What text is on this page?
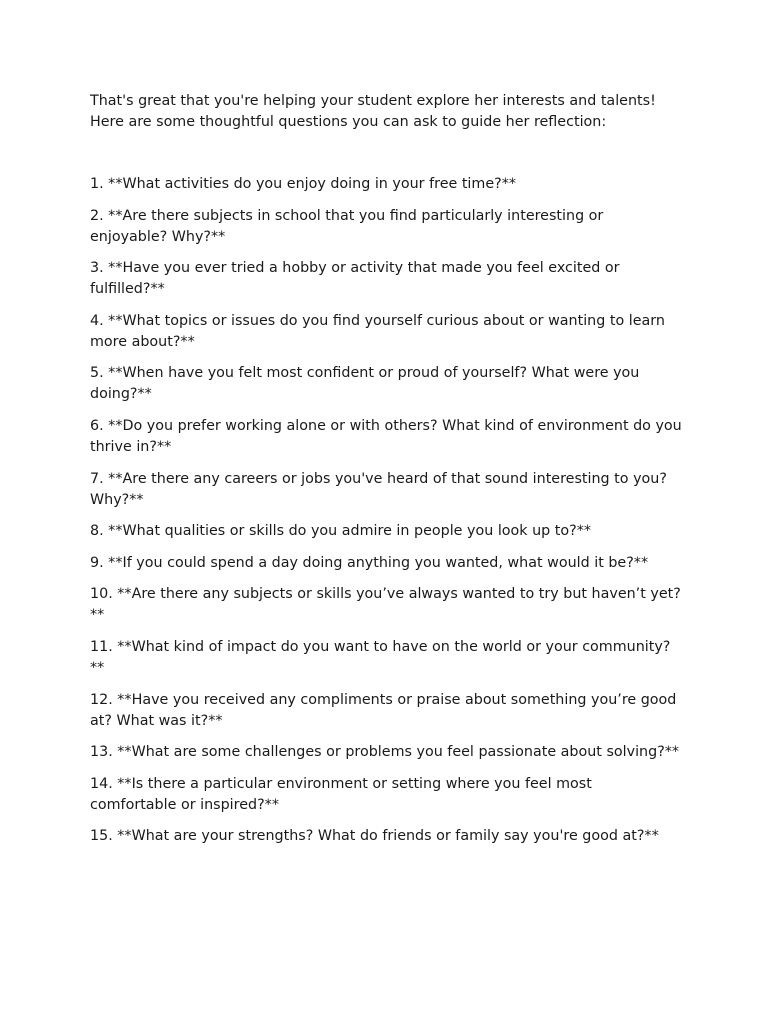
That's great that you're helping your student explore her interests and talents! Here are some thoughtful questions you can ask to guide her reflection:

1. **What activities do you enjoy doing in your free time?**
2. **Are there subjects in school that you find particularly interesting or enjoyable? Why?**
3. **Have you ever tried a hobby or activity that made you feel excited or fulfilled?**
4. **What topics or issues do you find yourself curious about or wanting to learn more about?**
5. **When have you felt most confident or proud of yourself? What were you doing?**
6. **Do you prefer working alone or with others? What kind of environment do you thrive in?**
7. **Are there any careers or jobs you've heard of that sound interesting to you? Why?**
8. **What qualities or skills do you admire in people you look up to?**
9. **If you could spend a day doing anything you wanted, what would it be?**
10. **Are there any subjects or skills you’ve always wanted to try but haven’t yet?**
11. **What kind of impact do you want to have on the world or your community?**
12. **Have you received any compliments or praise about something you’re good at? What was it?**
13. **What are some challenges or problems you feel passionate about solving?**
14. **Is there a particular environment or setting where you feel most comfortable or inspired?**
15. **What are your strengths? What do friends or family say you're good at?**
